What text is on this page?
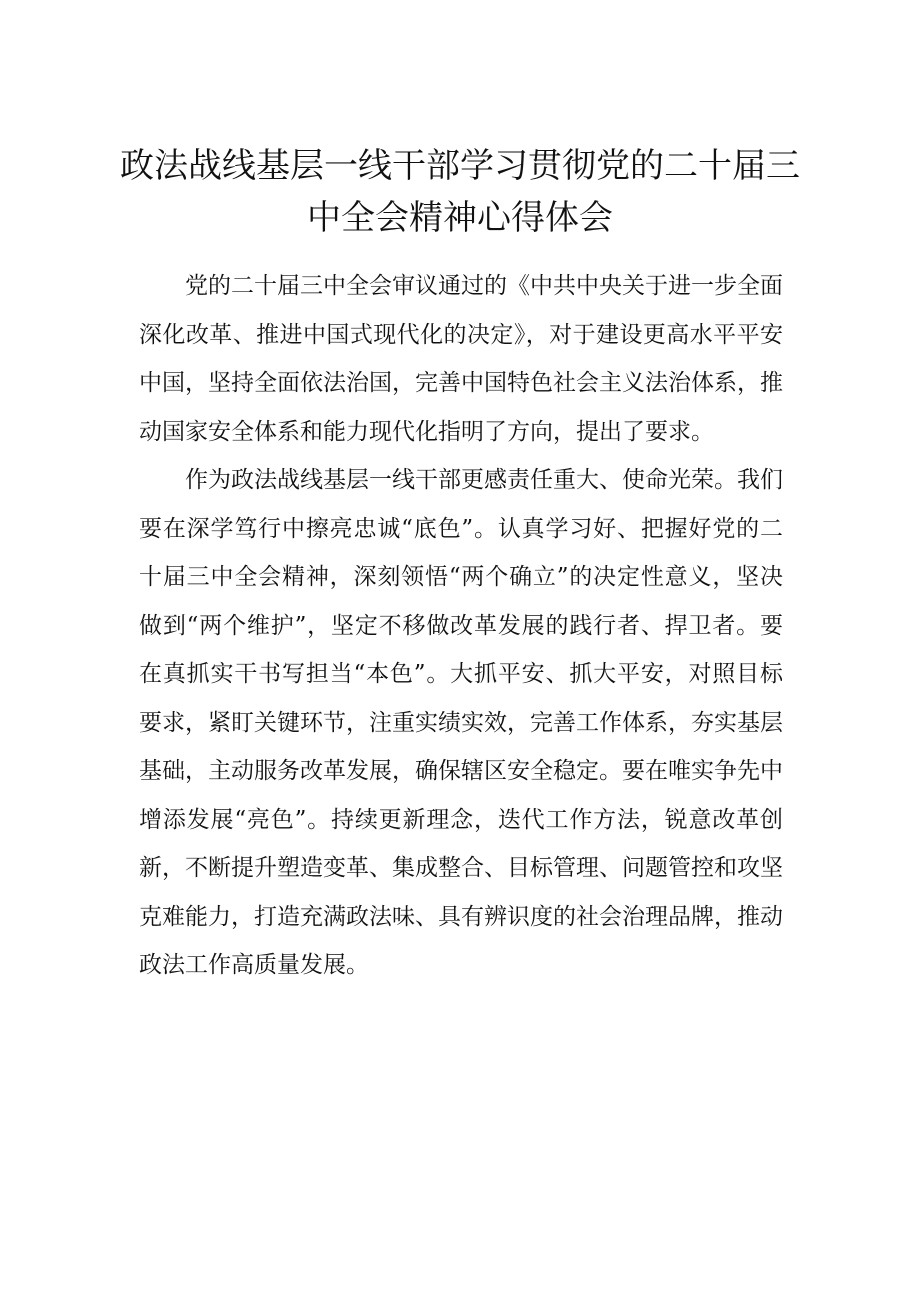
政法战线基层一线干部学习贯彻党的二十届三中全会精神心得体会

党的二十届三中全会审议通过的《中共中央关于进一步全面深化改革、推进中国式现代化的决定》，对于建设更高水平平安中国，坚持全面依法治国，完善中国特色社会主义法治体系，推动国家安全体系和能力现代化指明了方向，提出了要求。

作为政法战线基层一线干部更感责任重大、使命光荣。我们要在深学笃行中擦亮忠诚“底色”。认真学习好、把握好党的二十届三中全会精神，深刻领悟“两个确立”的决定性意义，坚决做到“两个维护”，坚定不移做改革发展的践行者、捍卫者。要在真抓实干书写担当“本色”。大抓平安、抓大平安，对照目标要求，紧盯关键环节，注重实绩实效，完善工作体系，夯实基层基础，主动服务改革发展，确保辖区安全稳定。要在唯实争先中增添发展“亮色”。持续更新理念，迭代工作方法，锐意改革创新，不断提升塑造变革、集成整合、目标管理、问题管控和攻坚克难能力，打造充满政法味、具有辨识度的社会治理品牌，推动政法工作高质量发展。
